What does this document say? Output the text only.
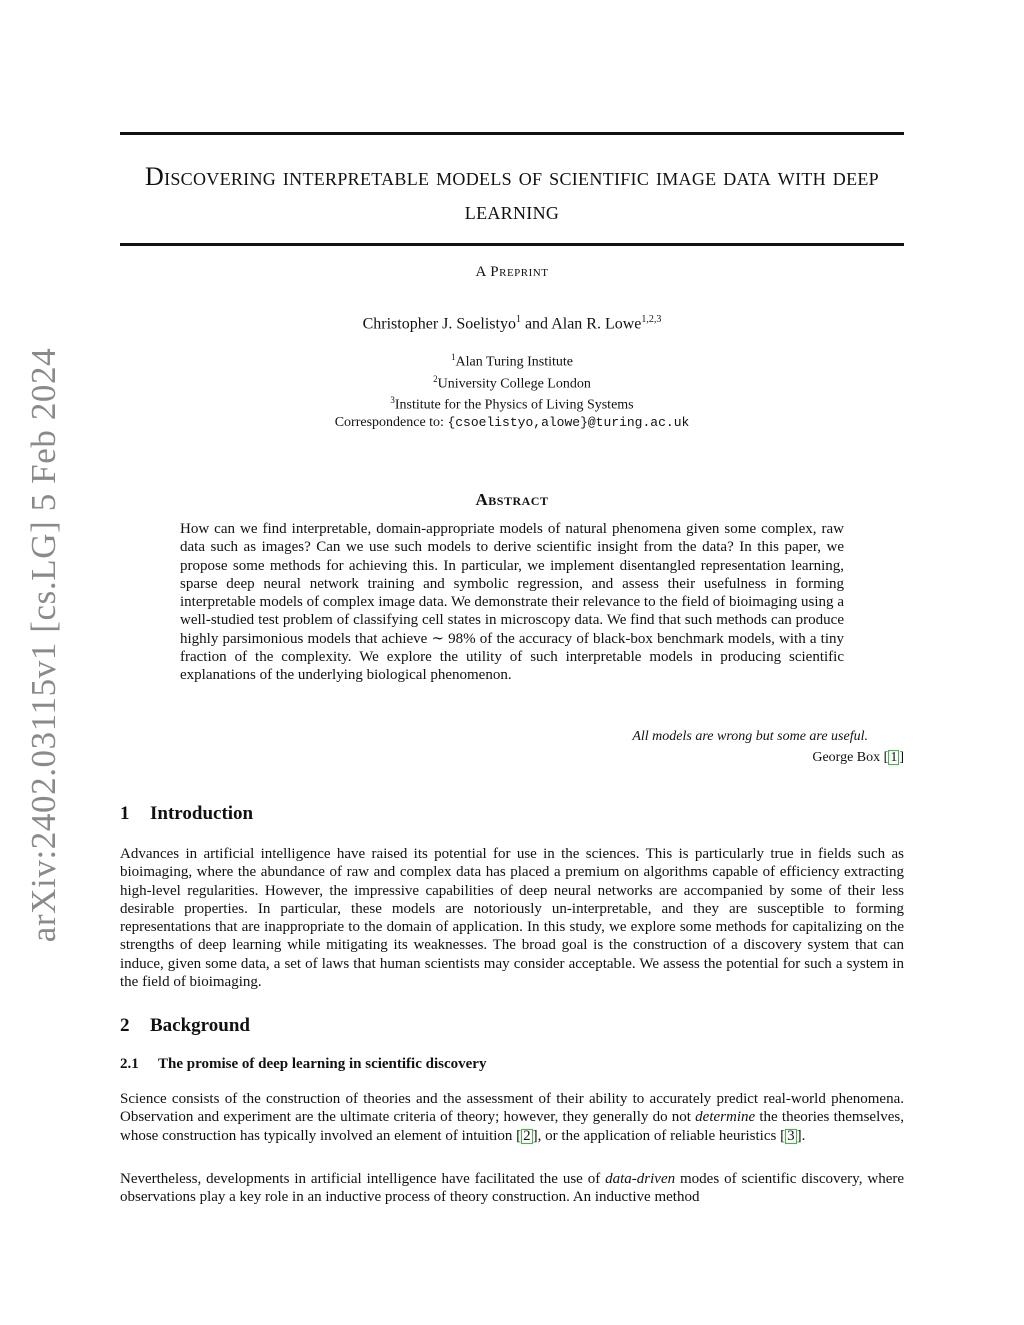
arXiv:2402.03115v1 [cs.LG] 5 Feb 2024
Discovering interpretable models of scientific image data with deep learning
A Preprint
Christopher J. Soelistyo$^1$ and Alan R. Lowe$^{1,2,3}$
$^1$Alan Turing Institute
$^2$University College London
$^3$Institute for the Physics of Living Systems
Correspondence to: {csoelistyo,alowe}@turing.ac.uk
Abstract

How can we find interpretable, domain-appropriate models of natural phenomena given some complex, raw data such as images? Can we use such models to derive scientific insight from the data? In this paper, we propose some methods for achieving this. In particular, we implement disentangled representation learning, sparse deep neural network training and symbolic regression, and assess their usefulness in forming interpretable models of complex image data. We demonstrate their relevance to the field of bioimaging using a well-studied test problem of classifying cell states in microscopy data. We find that such methods can produce highly parsimonious models that achieve ∼ 98% of the accuracy of black-box benchmark models, with a tiny fraction of the complexity. We explore the utility of such interpretable models in producing scientific explanations of the underlying biological phenomenon.

All models are wrong but some are useful.
George Box [ 1 ]
1 Introduction

Advances in artificial intelligence have raised its potential for use in the sciences. This is particularly true in fields such as bioimaging, where the abundance of raw and complex data has placed a premium on algorithms capable of efficiency extracting high-level regularities. However, the impressive capabilities of deep neural networks are accompanied by some of their less desirable properties. In particular, these models are notoriously un-interpretable, and they are susceptible to forming representations that are inappropriate to the domain of application. In this study, we explore some methods for capitalizing on the strengths of deep learning while mitigating its weaknesses. The broad goal is the construction of a discovery system that can induce, given some data, a set of laws that human scientists may consider acceptable. We assess the potential for such a system in the field of bioimaging.

2 Background
2.1 The promise of deep learning in scientific discovery

Science consists of the construction of theories and the assessment of their ability to accurately predict real-world phenomena. Observation and experiment are the ultimate criteria of theory; however, they generally do not determine the theories themselves, whose construction has typically involved an element of intuition [ 2 ], or the application of reliable heuristics [ 3 ].

Nevertheless, developments in artificial intelligence have facilitated the use of data-driven modes of scientific discovery, where observations play a key role in an inductive process of theory construction. An inductive method
